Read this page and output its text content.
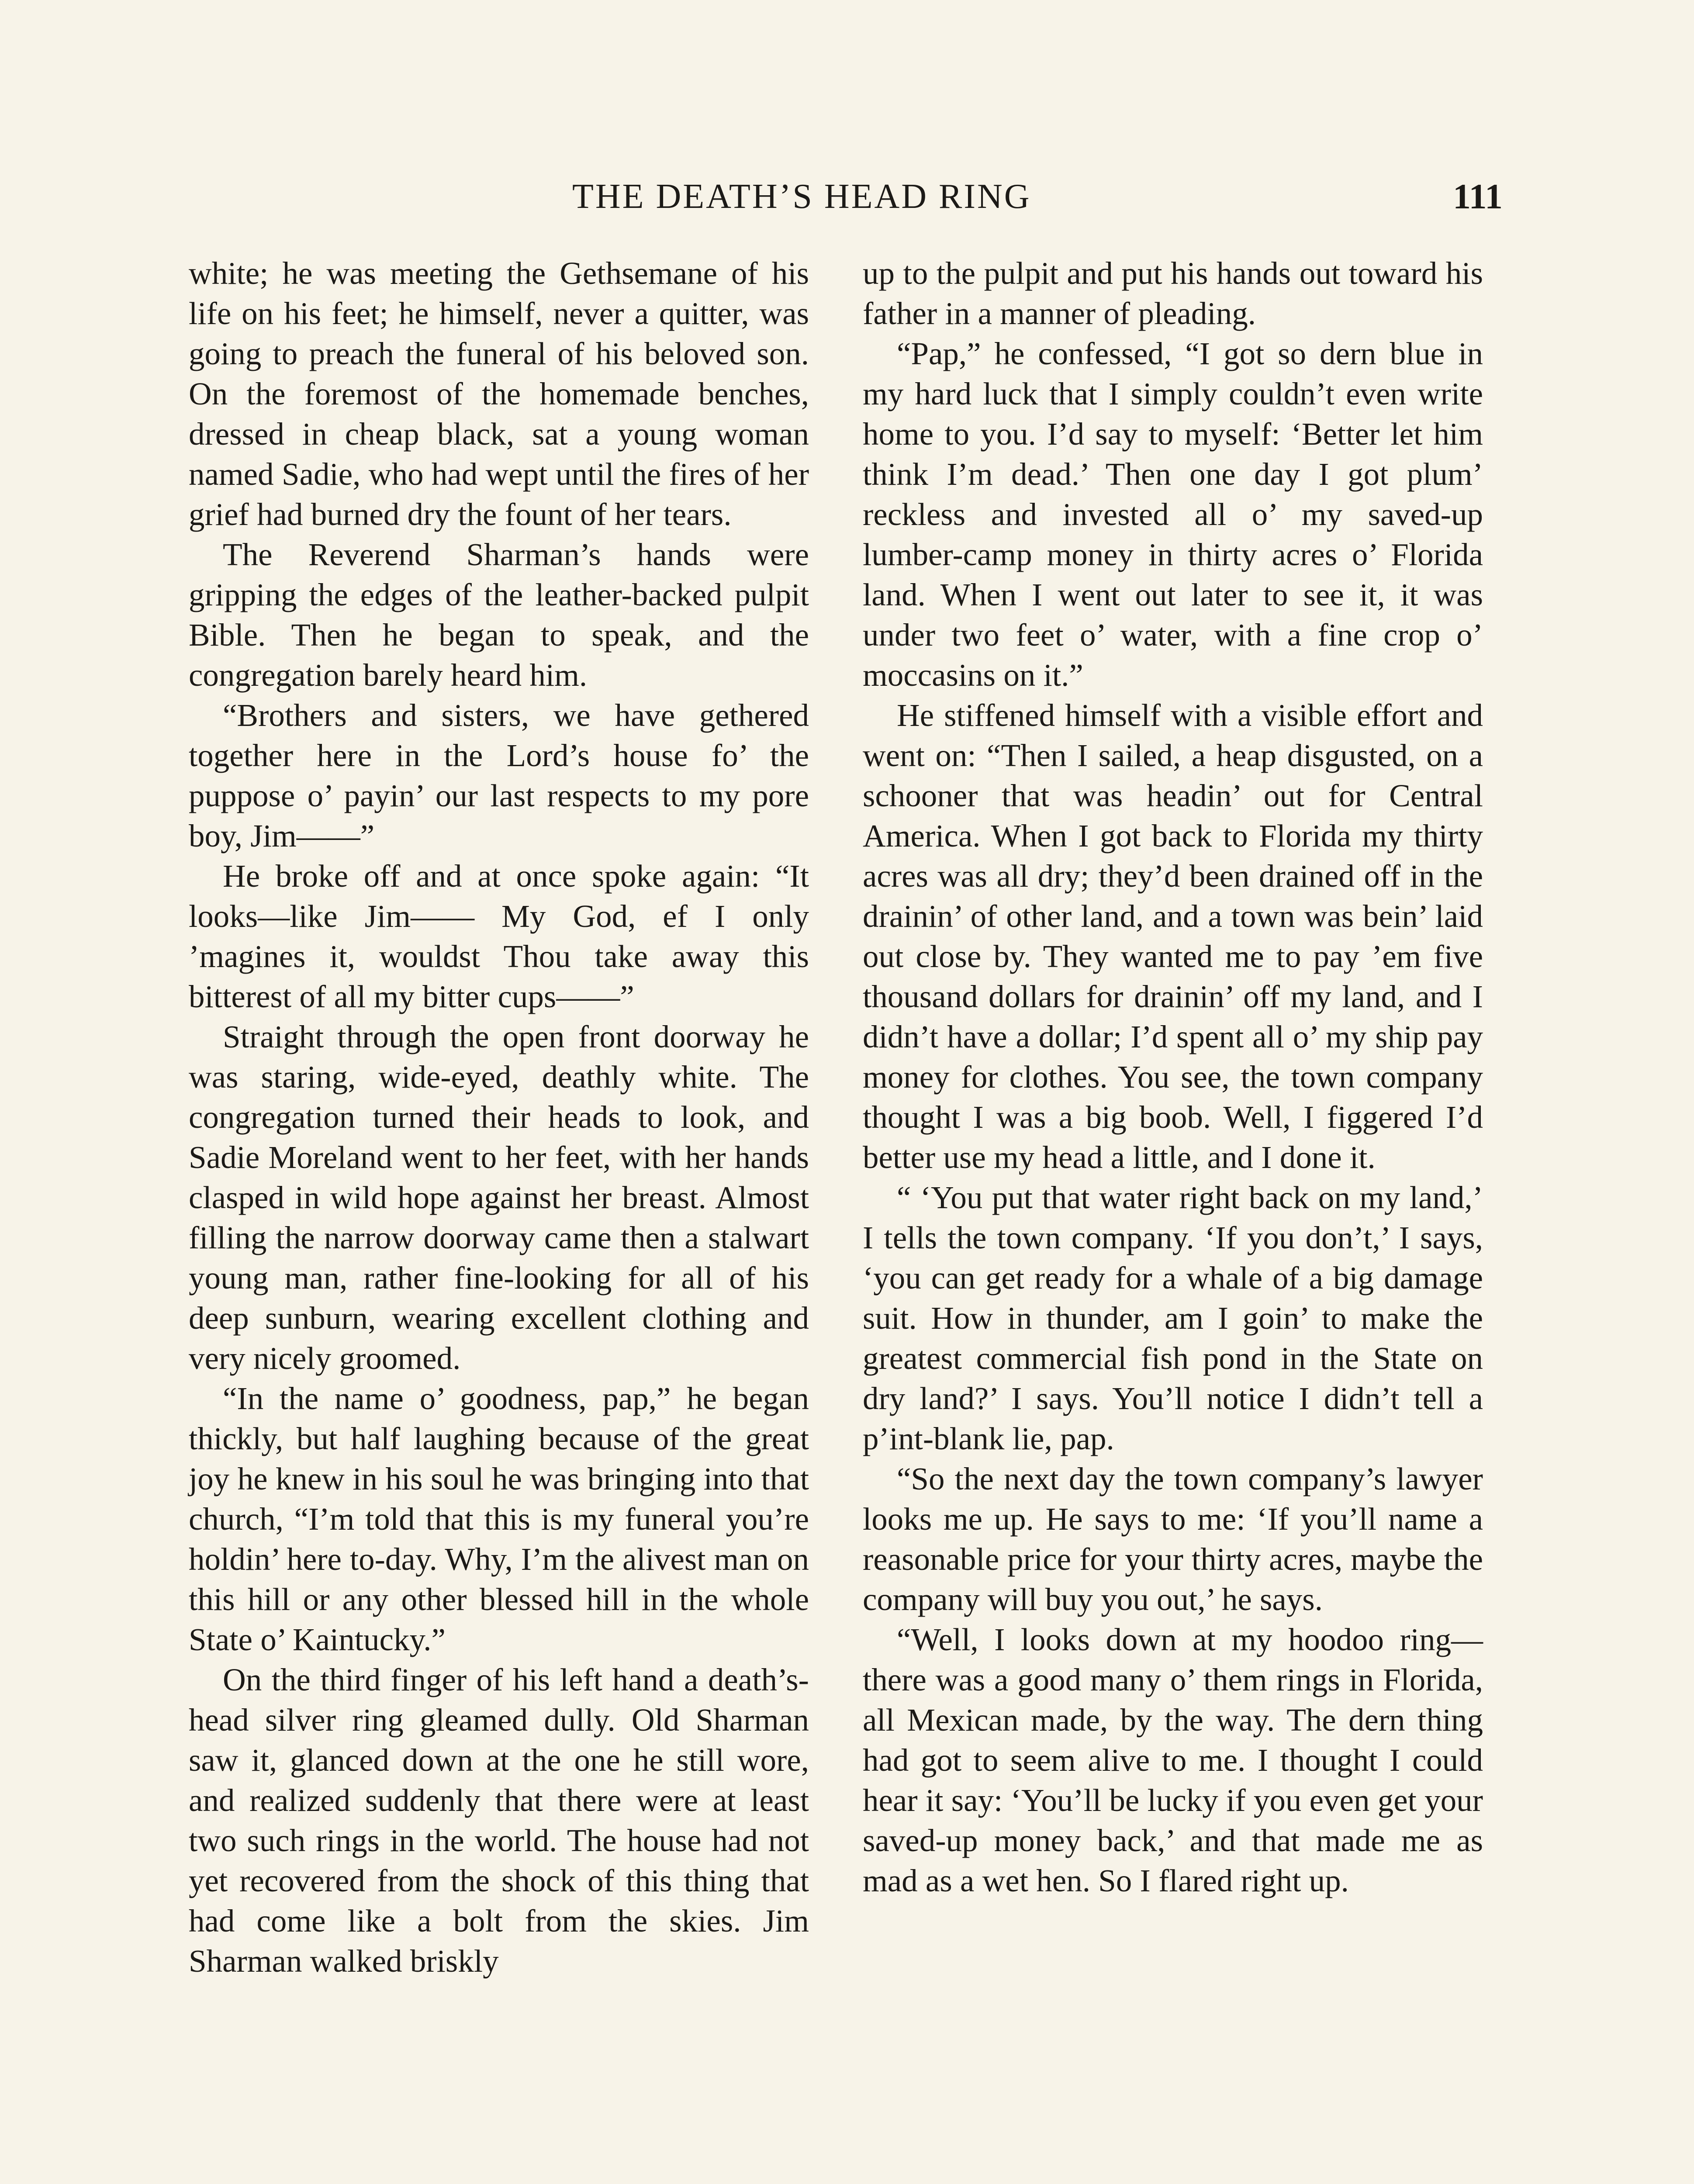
THE DEATH’S HEAD RING	111

white; he was meeting the Gethsemane of his life on his feet; he himself, never a quitter, was going to preach the funeral of his beloved son. On the foremost of the homemade benches, dressed in cheap black, sat a young woman named Sadie, who had wept until the fires of her grief had burned dry the fount of her tears.

The Reverend Sharman’s hands were gripping the edges of the leather-backed pulpit Bible. Then he began to speak, and the congregation barely heard him.

“Brothers and sisters, we have gethered together here in the Lord’s house fo’ the puppose o’ payin’ our last respects to my pore boy, Jim——”

He broke off and at once spoke again: “It looks—like Jim—— My God, ef I only ’magines it, wouldst Thou take away this bitterest of all my bitter cups——”

Straight through the open front doorway he was staring, wide-eyed, deathly white. The congregation turned their heads to look, and Sadie Moreland went to her feet, with her hands clasped in wild hope against her breast. Almost filling the narrow doorway came then a stalwart young man, rather fine-looking for all of his deep sunburn, wearing excellent clothing and very nicely groomed.

“In the name o’ goodness, pap,” he began thickly, but half laughing because of the great joy he knew in his soul he was bringing into that church, “I’m told that this is my funeral you’re holdin’ here to-day. Why, I’m the alivest man on this hill or any other blessed hill in the whole State o’ Kaintucky.”

On the third finger of his left hand a death’s-head silver ring gleamed dully. Old Sharman saw it, glanced down at the one he still wore, and realized suddenly that there were at least two such rings in the world. The house had not yet recovered from the shock of this thing that had come like a bolt from the skies. Jim Sharman walked briskly

up to the pulpit and put his hands out toward his father in a manner of pleading.

“Pap,” he confessed, “I got so dern blue in my hard luck that I simply couldn’t even write home to you. I’d say to myself: ‘Better let him think I’m dead.’ Then one day I got plum’ reckless and invested all o’ my saved-up lumber-camp money in thirty acres o’ Florida land. When I went out later to see it, it was under two feet o’ water, with a fine crop o’ moccasins on it.”

He stiffened himself with a visible effort and went on: “Then I sailed, a heap disgusted, on a schooner that was headin’ out for Central America. When I got back to Florida my thirty acres was all dry; they’d been drained off in the drainin’ of other land, and a town was bein’ laid out close by. They wanted me to pay ’em five thousand dollars for drainin’ off my land, and I didn’t have a dollar; I’d spent all o’ my ship pay money for clothes. You see, the town company thought I was a big boob. Well, I figgered I’d better use my head a little, and I done it.

“ ‘You put that water right back on my land,’ I tells the town company. ‘If you don’t,’ I says, ‘you can get ready for a whale of a big damage suit. How in thunder, am I goin’ to make the greatest commercial fish pond in the State on dry land?’ I says. You’ll notice I didn’t tell a p’int-blank lie, pap.

“So the next day the town company’s lawyer looks me up. He says to me: ‘If you’ll name a reasonable price for your thirty acres, maybe the company will buy you out,’ he says.

“Well, I looks down at my hoodoo ring—there was a good many o’ them rings in Florida, all Mexican made, by the way. The dern thing had got to seem alive to me. I thought I could hear it say: ‘You’ll be lucky if you even get your saved-up money back,’ and that made me as mad as a wet hen. So I flared right up.
